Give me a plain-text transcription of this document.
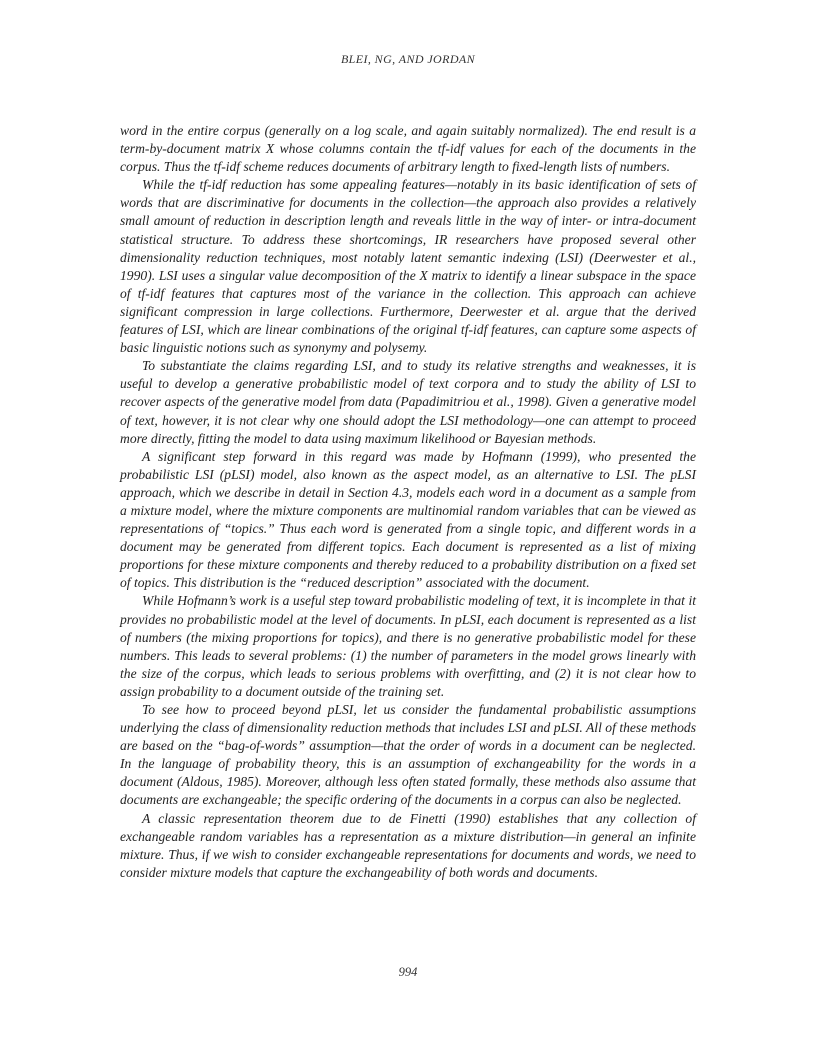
BLEI, NG, AND JORDAN

word in the entire corpus (generally on a log scale, and again suitably normalized). The end result is a term-by-document matrix X whose columns contain the tf-idf values for each of the documents in the corpus. Thus the tf-idf scheme reduces documents of arbitrary length to fixed-length lists of numbers.

While the tf-idf reduction has some appealing features—notably in its basic identification of sets of words that are discriminative for documents in the collection—the approach also provides a relatively small amount of reduction in description length and reveals little in the way of inter- or intra-document statistical structure. To address these shortcomings, IR researchers have proposed several other dimensionality reduction techniques, most notably latent semantic indexing (LSI) (Deerwester et al., 1990). LSI uses a singular value decomposition of the X matrix to identify a linear subspace in the space of tf-idf features that captures most of the variance in the collection. This approach can achieve significant compression in large collections. Furthermore, Deerwester et al. argue that the derived features of LSI, which are linear combinations of the original tf-idf features, can capture some aspects of basic linguistic notions such as synonymy and polysemy.

To substantiate the claims regarding LSI, and to study its relative strengths and weaknesses, it is useful to develop a generative probabilistic model of text corpora and to study the ability of LSI to recover aspects of the generative model from data (Papadimitriou et al., 1998). Given a generative model of text, however, it is not clear why one should adopt the LSI methodology—one can attempt to proceed more directly, fitting the model to data using maximum likelihood or Bayesian methods.

A significant step forward in this regard was made by Hofmann (1999), who presented the probabilistic LSI (pLSI) model, also known as the aspect model, as an alternative to LSI. The pLSI approach, which we describe in detail in Section 4.3, models each word in a document as a sample from a mixture model, where the mixture components are multinomial random variables that can be viewed as representations of “topics.” Thus each word is generated from a single topic, and different words in a document may be generated from different topics. Each document is represented as a list of mixing proportions for these mixture components and thereby reduced to a probability distribution on a fixed set of topics. This distribution is the “reduced description” associated with the document.

While Hofmann’s work is a useful step toward probabilistic modeling of text, it is incomplete in that it provides no probabilistic model at the level of documents. In pLSI, each document is represented as a list of numbers (the mixing proportions for topics), and there is no generative probabilistic model for these numbers. This leads to several problems: (1) the number of parameters in the model grows linearly with the size of the corpus, which leads to serious problems with overfitting, and (2) it is not clear how to assign probability to a document outside of the training set.

To see how to proceed beyond pLSI, let us consider the fundamental probabilistic assumptions underlying the class of dimensionality reduction methods that includes LSI and pLSI. All of these methods are based on the “bag-of-words” assumption—that the order of words in a document can be neglected. In the language of probability theory, this is an assumption of exchangeability for the words in a document (Aldous, 1985). Moreover, although less often stated formally, these methods also assume that documents are exchangeable; the specific ordering of the documents in a corpus can also be neglected.

A classic representation theorem due to de Finetti (1990) establishes that any collection of exchangeable random variables has a representation as a mixture distribution—in general an infinite mixture. Thus, if we wish to consider exchangeable representations for documents and words, we need to consider mixture models that capture the exchangeability of both words and documents.

994
